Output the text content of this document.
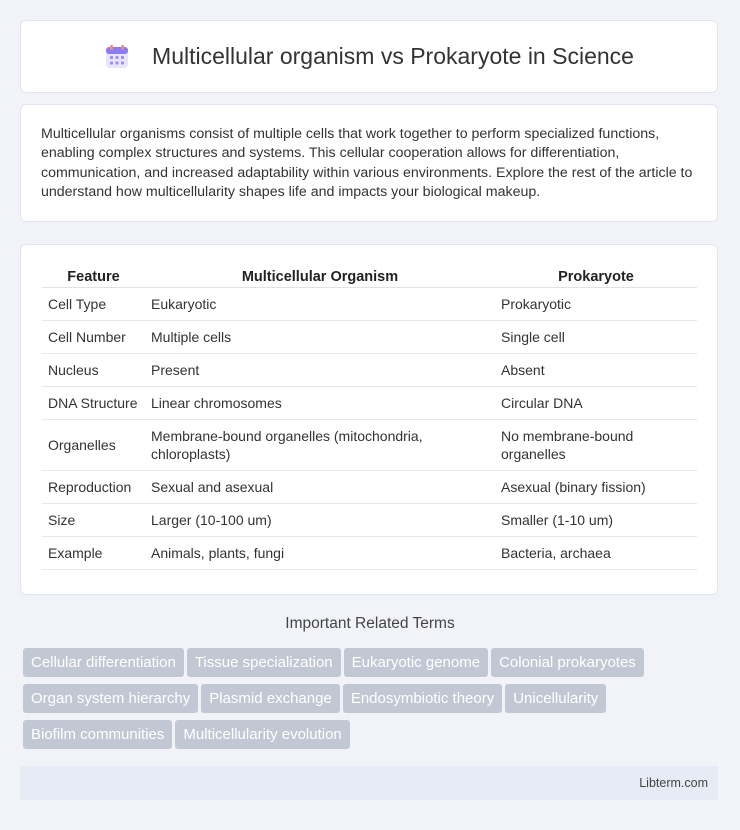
Multicellular organism vs Prokaryote in Science

Multicellular organisms consist of multiple cells that work together to perform specialized functions, enabling complex structures and systems. This cellular cooperation allows for differentiation, communication, and increased adaptability within various environments. Explore the rest of the article to understand how multicellularity shapes life and impacts your biological makeup.

Feature	Multicellular Organism	Prokaryote
Cell Type	Eukaryotic	Prokaryotic
Cell Number	Multiple cells	Single cell
Nucleus	Present	Absent
DNA Structure	Linear chromosomes	Circular DNA
Organelles	Membrane-bound organelles (mitochondria, chloroplasts)	No membrane-bound organelles
Reproduction	Sexual and asexual	Asexual (binary fission)
Size	Larger (10-100 um)	Smaller (1-10 um)
Example	Animals, plants, fungi	Bacteria, archaea
Important Related Terms
Cellular differentiation Tissue specialization Eukaryotic genome Colonial prokaryotes
Organ system hierarchy Plasmid exchange Endosymbiotic theory Unicellularity
Biofilm communities Multicellularity evolution
Libterm.com
